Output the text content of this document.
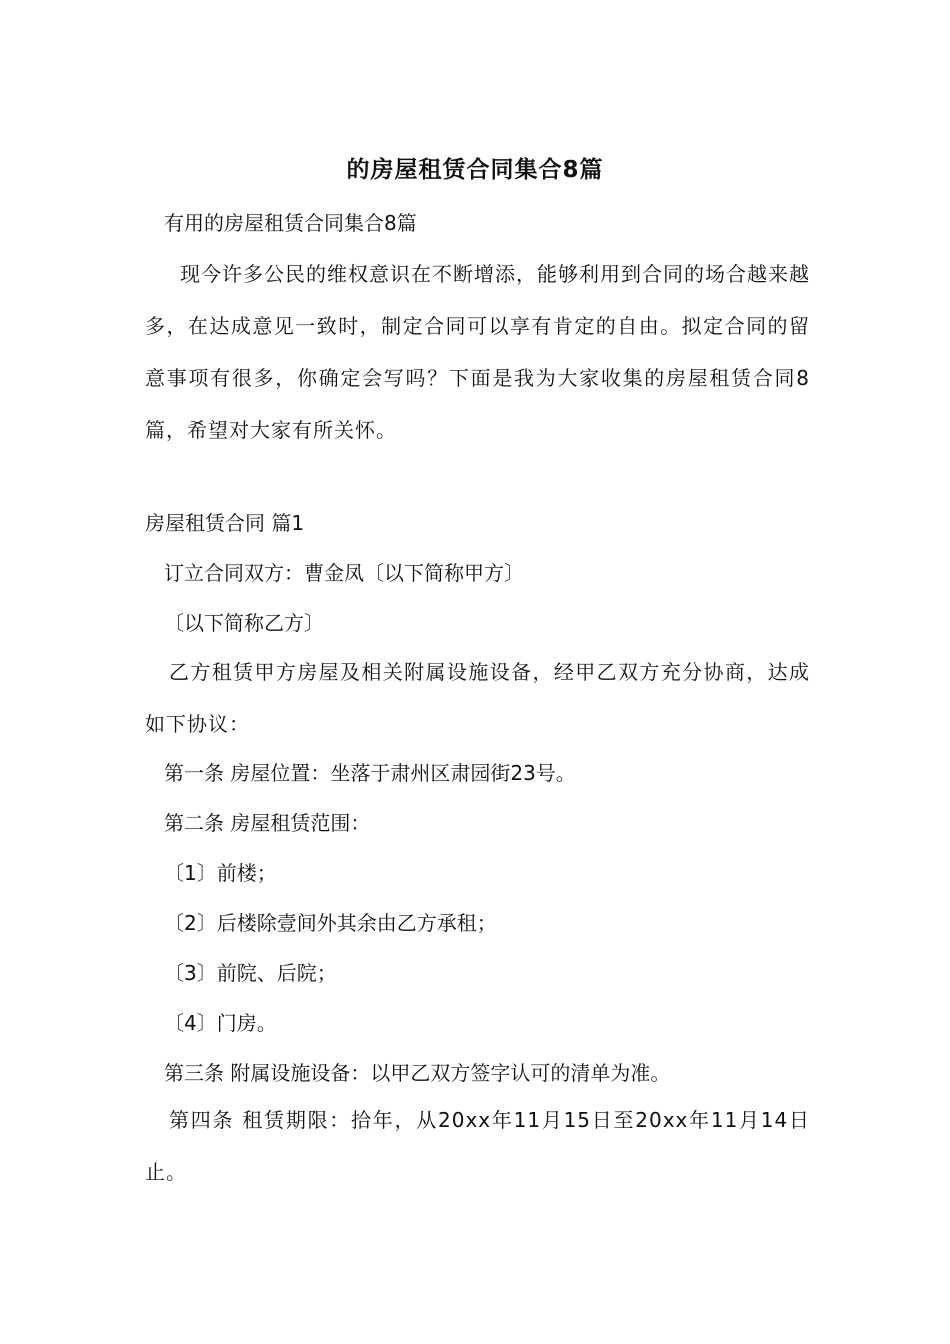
的房屋租赁合同集合8篇
有用的房屋租赁合同集合8篇
现今许多公民的维权意识在不断增添，能够利用到合同的场合越来越多，在达成意见一致时，制定合同可以享有肯定的自由。拟定合同的留意事项有很多，你确定会写吗？下面是我为大家收集的房屋租赁合同8篇，希望对大家有所关怀。
房屋租赁合同 篇1
订立合同双方：曹金凤〔以下简称甲方〕
〔以下简称乙方〕
乙方租赁甲方房屋及相关附属设施设备，经甲乙双方充分协商，达成如下协议：
第一条 房屋位置：坐落于肃州区肃园街23号。
第二条 房屋租赁范围：
〔1〕前楼；
〔2〕后楼除壹间外其余由乙方承租；
〔3〕前院、后院；
〔4〕门房。
第三条 附属设施设备：以甲乙双方签字认可的清单为准。
第四条 租赁期限：拾年，从20xx年11月15日至20xx年11月14日止。
